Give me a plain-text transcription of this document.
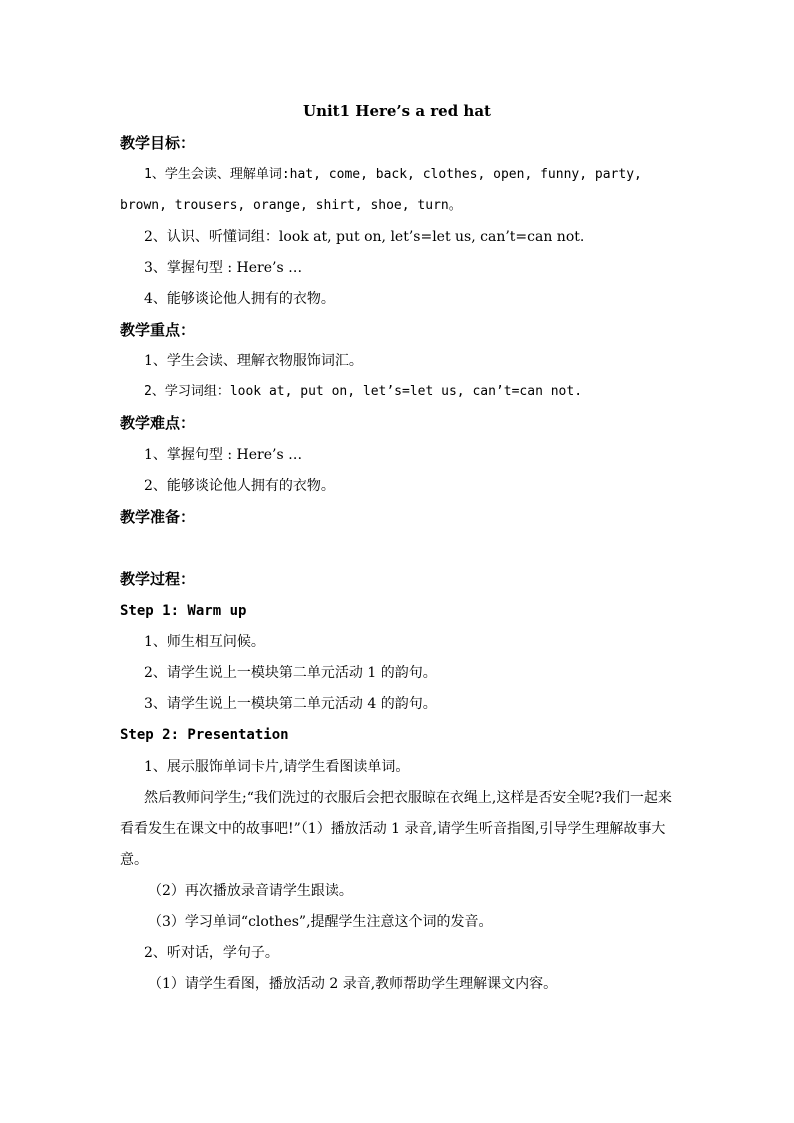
Unit1 Here’s a red hat
教学目标：
1、学生会读、理解单词:hat, come, back, clothes, open, funny, party,
brown, trousers, orange, shirt, shoe, turn。
2、认识、听懂词组：look at, put on, let’s=let us, can’t=can not.
3、掌握句型 : Here’s …
4、能够谈论他人拥有的衣物。
教学重点：
1、学生会读、理解衣物服饰词汇。
2、学习词组：look at, put on, let’s=let us, can’t=can not.
教学难点：
1、掌握句型 : Here’s …
2、能够谈论他人拥有的衣物。
教学准备：
教学过程：
Step 1: Warm up
1、师生相互问候。
2、请学生说上一模块第二单元活动 1 的韵句。
3、请学生说上一模块第二单元活动 4 的韵句。
Step 2: Presentation
1、展示服饰单词卡片,请学生看图读单词。
然后教师问学生;“我们洗过的衣服后会把衣服晾在衣绳上,这样是否安全呢?我们一起来看看发生在课文中的故事吧!”（1）播放活动 1 录音,请学生听音指图,引导学生理解故事大意。
（2）再次播放录音请学生跟读。
（3）学习单词“clothes”,提醒学生注意这个词的发音。
2、听对话，学句子。
（1）请学生看图，播放活动 2 录音,教师帮助学生理解课文内容。
